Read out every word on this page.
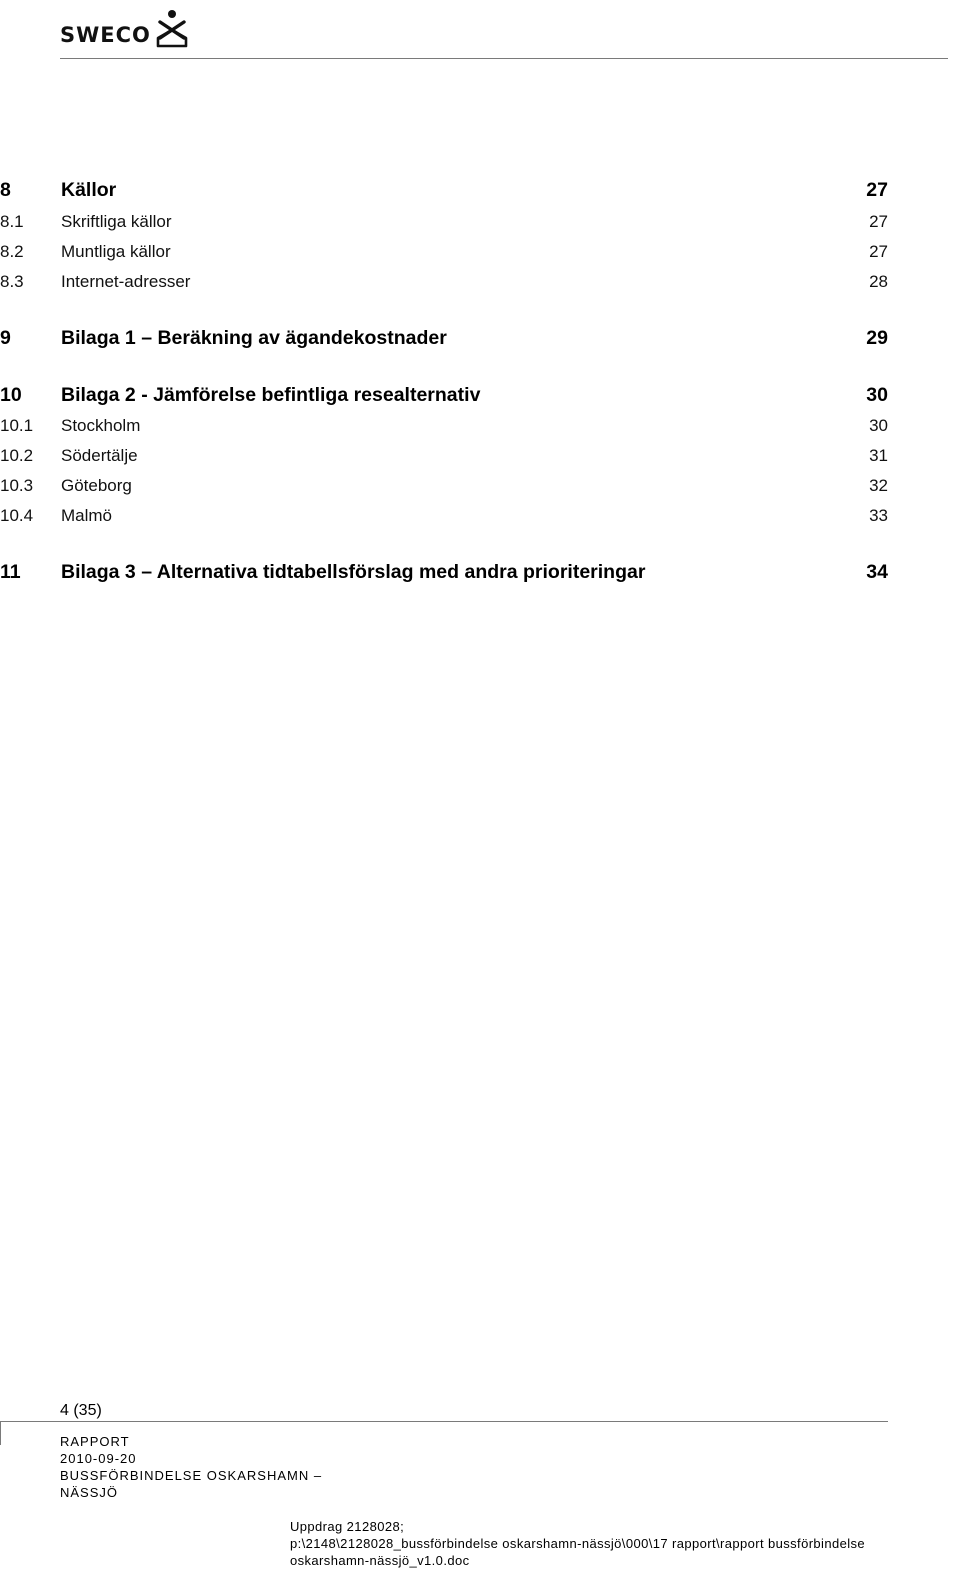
SWECO
8	Källor	27
8.1 Skriftliga källor	27
8.2 Muntliga källor	27
8.3 Internet-adresser	28
9	Bilaga 1 – Beräkning av ägandekostnader	29
10 Bilaga 2 - Jämförelse befintliga resealternativ	30
10.1 Stockholm	30
10.2 Södertälje	31
10.3 Göteborg	32
10.4 Malmö	33
11 Bilaga 3 – Alternativa tidtabellsförslag med andra prioriteringar	34
4 (35)
RAPPORT
2010-09-20
BUSSFÖRBINDELSE OSKARSHAMN –
NÄSSJÖ
Uppdrag 2128028;
p:\2148\2128028_bussförbindelse oskarshamn-nässjö\000\17 rapport\rapport bussförbindelse
oskarshamn-nässjö_v1.0.doc
